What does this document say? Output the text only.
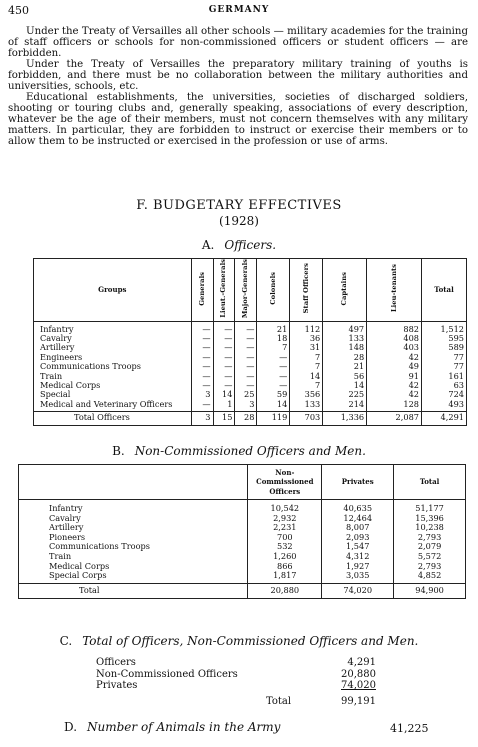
450	GERMANY

Under the Treaty of Versailles all other schools — military academies for the training of staff officers or schools for non-commissioned officers or student officers — are forbidden.

Under the Treaty of Versailles the preparatory military training of youths is forbidden, and there must be no collaboration between the military authorities and universities, schools, etc.

Educational establishments, the universities, societies of discharged soldiers, shooting or touring clubs and, generally speaking, associations of every description, whatever be the age of their members, must not concern themselves with any military matters. In particular, they are forbidden to instruct or exercise their members or to allow them to be instructed or exercised in the profession or use of arms.

F. BUDGETARY EFFECTIVES
(1928)
A. Officers.
Groups	Generals	Lieut.-Generals	Major-Generals	Colonels	Staff Officers	Captains	Lieu-tenants	Total
Infantry	—	—	—	21	112	497	882	1,512
Cavalry	—	—	—	18	36	133	408	595
Artillery	—	—	—	7	31	148	403	589
Engineers	—	—	—	—	7	28	42	77
Communications Troops	—	—	—	—	7	21	49	77
Train	—	—	—	—	14	56	91	161
Medical Corps	—	—	—	—	7	14	42	63
Special	3	14	25	59	356	225	42	724
Medical and Veterinary Officers	—	1	3	14	133	214	128	493
Total Officers	3	15	28	119	703	1,336	2,087	4,291
B. Non-Commissioned Officers and Men.
	Non-Commissioned Officers	Privates	Total
Infantry	10,542	40,635	51,177
Cavalry	2,932	12,464	15,396
Artillery	2,231	8,007	10,238
Pioneers	700	2,093	2,793
Communications Troops	532	1,547	2,079
Train	1,260	4,312	5,572
Medical Corps	866	1,927	2,793
Special Corps	1,817	3,035	4,852
Total	20,880	74,020	94,900
C. Total of Officers, Non-Commissioned Officers and Men.
Officers	4,291
Non-Commissioned Officers	20,880
Privates	74,020
Total	99,191
D. Number of Animals in the Army	41,225
